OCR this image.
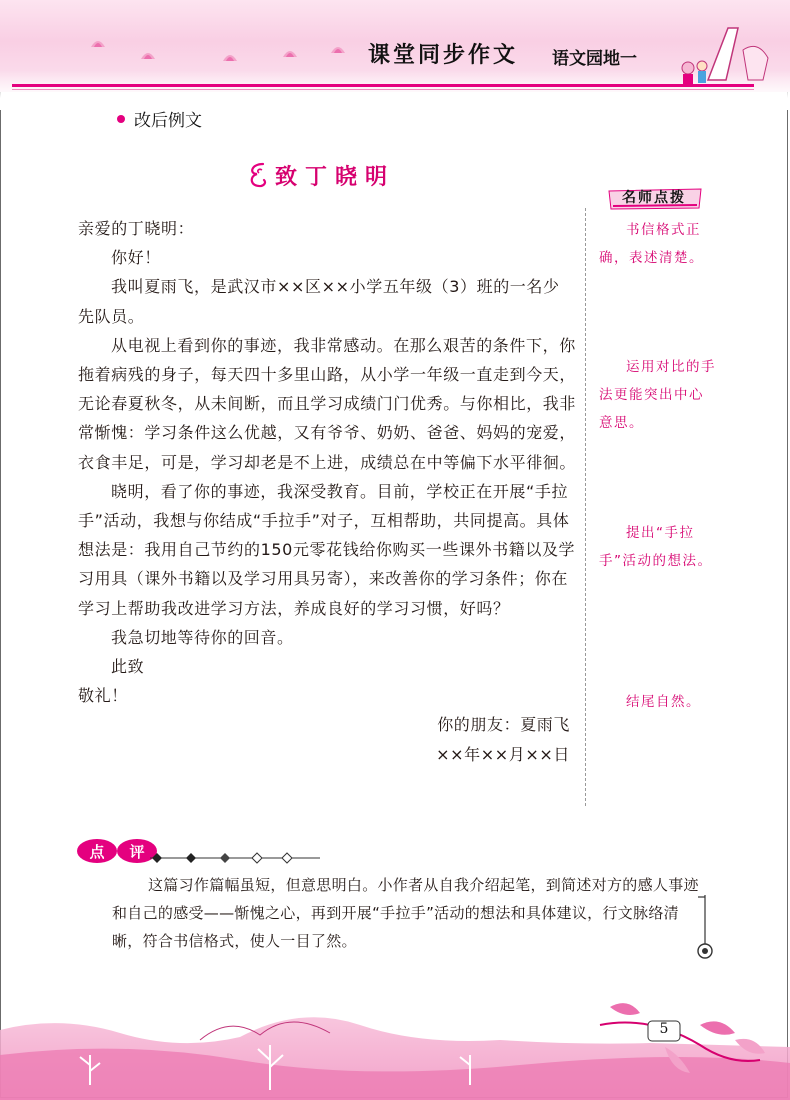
课堂同步作文 语文园地一
改后例文
致丁晓明

亲爱的丁晓明：

你好！

我叫夏雨飞，是武汉市××区××小学五年级（3）班的一名少先队员。

从电视上看到你的事迹，我非常感动。在那么艰苦的条件下，你拖着病残的身子，每天四十多里山路，从小学一年级一直走到今天，无论春夏秋冬，从未间断，而且学习成绩门门优秀。与你相比，我非常惭愧：学习条件这么优越，又有爷爷、奶奶、爸爸、妈妈的宠爱，衣食丰足，可是，学习却老是不上进，成绩总在中等偏下水平徘徊。

晓明，看了你的事迹，我深受教育。目前，学校正在开展“手拉手”活动，我想与你结成“手拉手”对子，互相帮助，共同提高。具体想法是：我用自己节约的150元零花钱给你购买一些课外书籍以及学习用具（课外书籍以及学习用具另寄），来改善你的学习条件；你在学习上帮助我改进学习方法，养成良好的学习习惯，好吗？

我急切地等待你的回音。

此致

敬礼！

你的朋友：夏雨飞

××年××月××日

名师点拨
书信格式正确，表述清楚。
运用对比的手法更能突出中心意思。
提出“手拉手”活动的想法。
结尾自然。
点 评

这篇习作篇幅虽短，但意思明白。小作者从自我介绍起笔，到简述对方的感人事迹和自己的感受——惭愧之心，再到开展“手拉手”活动的想法和具体建议，行文脉络清晰，符合书信格式，使人一目了然。

5
